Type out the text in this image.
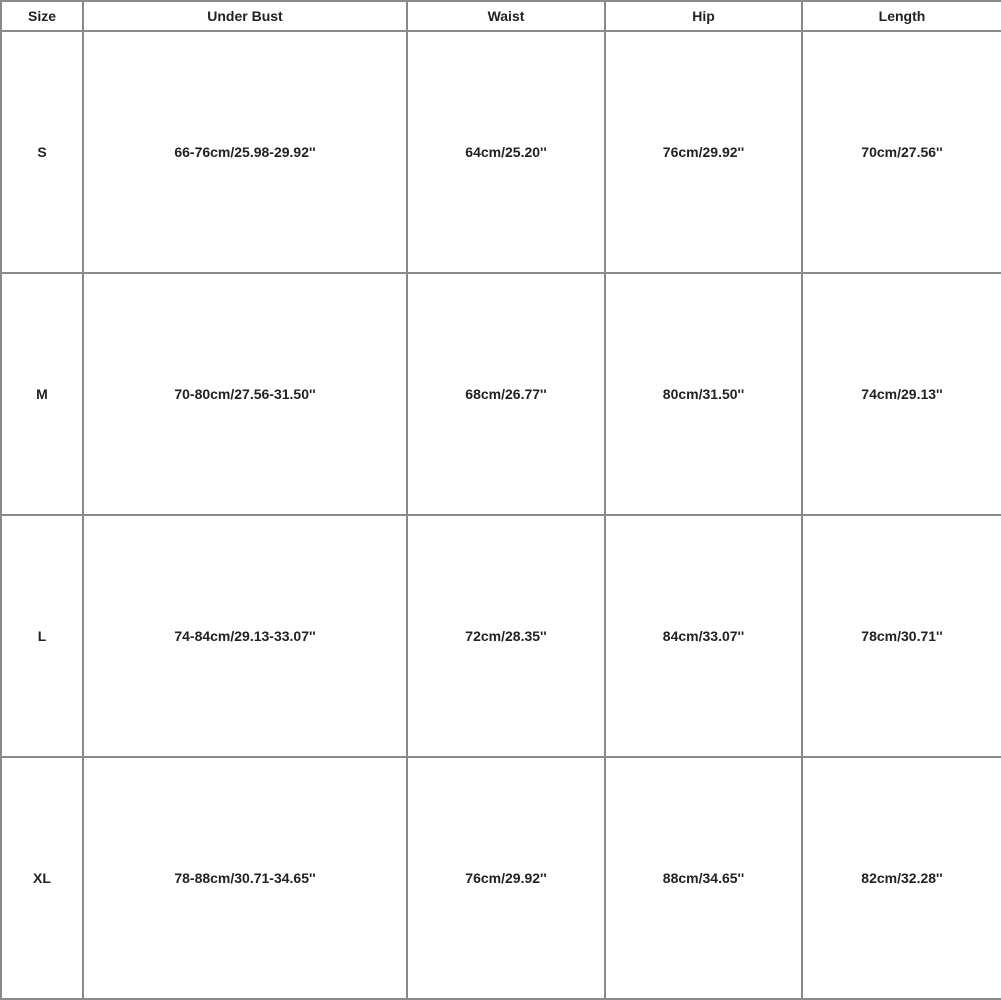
Size	Under Bust	Waist	Hip	Length
S	66-76cm/25.98-29.92''	64cm/25.20''	76cm/29.92''	70cm/27.56''
M	70-80cm/27.56-31.50''	68cm/26.77''	80cm/31.50''	74cm/29.13''
L	74-84cm/29.13-33.07''	72cm/28.35''	84cm/33.07''	78cm/30.71''
XL	78-88cm/30.71-34.65''	76cm/29.92''	88cm/34.65''	82cm/32.28''
